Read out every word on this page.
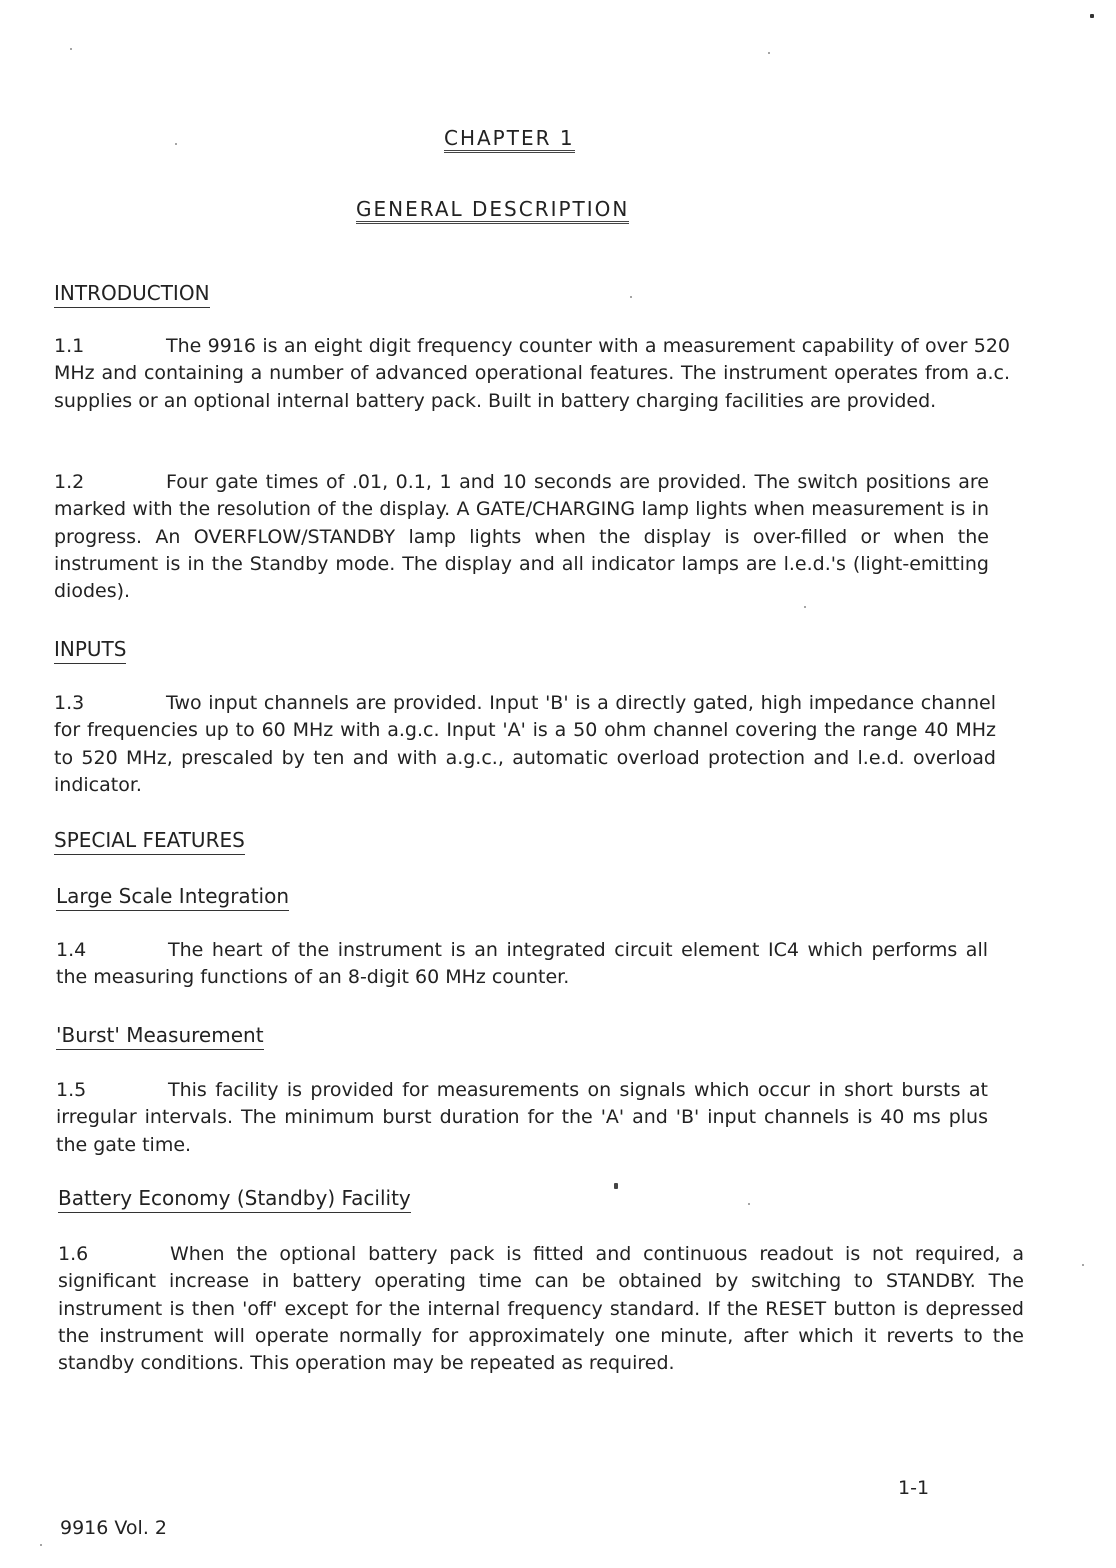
CHAPTER 1
GENERAL DESCRIPTION
INTRODUCTION
1.1	The 9916 is an eight digit frequency counter with a measurement capability of over 520 MHz and containing a number of advanced operational features. The instrument operates from a.c. supplies or an optional internal battery pack. Built in battery charging facilities are provided.

1.2	Four gate times of .01, 0.1, 1 and 10 seconds are provided. The switch positions are marked with the resolution of the display. A GATE/CHARGING lamp lights when measurement is in progress. An OVERFLOW/STANDBY lamp lights when the display is over-filled or when the instrument is in the Standby mode. The display and all indicator lamps are l.e.d.'s (light-emitting diodes).

INPUTS
1.3	Two input channels are provided. Input 'B' is a directly gated, high impedance channel for frequencies up to 60 MHz with a.g.c. Input 'A' is a 50 ohm channel covering the range 40 MHz to 520 MHz, prescaled by ten and with a.g.c., automatic overload protection and l.e.d. overload indicator.

SPECIAL FEATURES
Large Scale Integration
1.4	The heart of the instrument is an integrated circuit element IC4 which performs all the measuring functions of an 8-digit 60 MHz counter.

'Burst' Measurement
1.5	This facility is provided for measurements on signals which occur in short bursts at irregular intervals. The minimum burst duration for the 'A' and 'B' input channels is 40 ms plus the gate time.

Battery Economy (Standby) Facility
1.6	When the optional battery pack is fitted and continuous readout is not required, a significant increase in battery operating time can be obtained by switching to STANDBY. The instrument is then 'off' except for the internal frequency standard. If the RESET button is depressed the instrument will operate normally for approximately one minute, after which it reverts to the standby conditions. This operation may be repeated as required.

1-1
9916 Vol. 2
